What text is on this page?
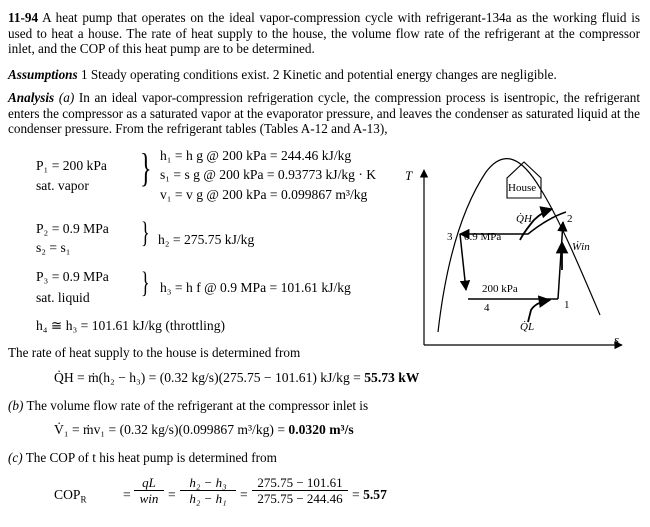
11-94 A heat pump that operates on the ideal vapor-compression cycle with refrigerant-134a as the working fluid is used to heat a house. The rate of heat supply to the house, the volume flow rate of the refrigerant at the compressor inlet, and the COP of this heat pump are to be determined.
Assumptions 1 Steady operating conditions exist. 2 Kinetic and potential energy changes are negligible.
Analysis (a) In an ideal vapor-compression refrigeration cycle, the compression process is isentropic, the refrigerant enters the compressor as a saturated vapor at the evaporator pressure, and leaves the condenser as saturated liquid at the condenser pressure. From the refrigerant tables (Tables A-12 and A-13),
P₁ = 200 kPa
sat. vapor } h₁ = h g @ 200 kPa = 244.46 kJ/kg
s₁ = s g @ 200 kPa = 0.93773 kJ/kg · K
v₁ = v g @ 200 kPa = 0.099867 m³/kg
P₂ = 0.9 MPa
s₂ = s₁ } h₂ = 275.75 kJ/kg
P₃ = 0.9 MPa
sat. liquid } h₃ = h f @ 0.9 MPa = 101.61 kJ/kg
h₄ ≅ h₃ = 101.61 kJ/kg (throttling)
The rate of heat supply to the house is determined from
Q̇H = ṁ(h₂ − h₃) = (0.32 kg/s)(275.75 − 101.61) kJ/kg = 55.73 kW
(b) The volume flow rate of the refrigerant at the compressor inlet is
V̇₁ = ṁv₁ = (0.32 kg/s)(0.099867 m³/kg) = 0.0320 m³/s
(c) The COP of t his heat pump is determined from
$COP_R$	=
qL
win =
h₂ − h₃
h₂ − h₁ =
275.75 − 101.61
275.75 − 244.46 = 5.57
T
s
House
Q̇H
Ẇin
Q̇L
0.9 MPa
200 kPa
1
2
3
4
